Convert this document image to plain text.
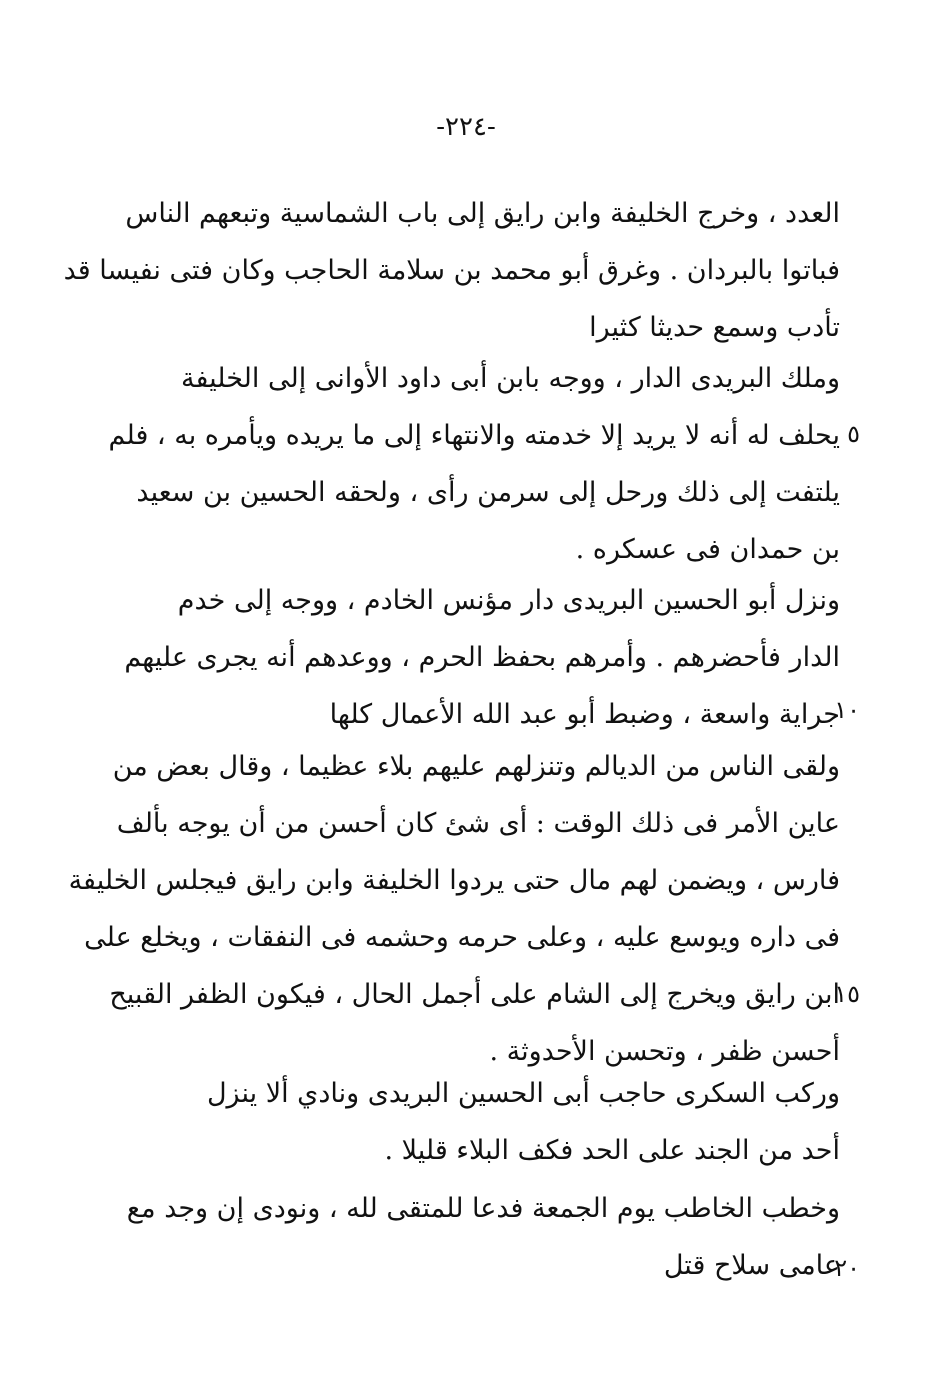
-٢٢٤-
العدد ، وخرج الخليفة وابن رايق إلى باب الشماسية وتبعهم الناس
فباتوا بالبردان . وغرق أبو محمد بن سلامة الحاجب وكان فتى نفيسا قد
تأدب وسمع حديثا كثيرا
وملك البريدى الدار ، ووجه بابن أبى داود الأوانى إلى الخليفة
يحلف له أنه لا يريد إلا خدمته والانتهاء إلى ما يريده ويأمره به ، فلم
يلتفت إلى ذلك ورحل إلى سرمن رأى ، ولحقه الحسين بن سعيد
بن حمدان فى عسكره .
ونزل أبو الحسين البريدى دار مؤنس الخادم ، ووجه إلى خدم
الدار فأحضرهم . وأمرهم بحفظ الحرم ، ووعدهم أنه يجرى عليهم
جراية واسعة ، وضبط أبو عبد الله الأعمال كلها
ولقى الناس من الديالم وتنزلهم عليهم بلاء عظيما ، وقال بعض من
عاين الأمر فى ذلك الوقت : أى شئ كان أحسن من أن يوجه بألف
فارس ، ويضمن لهم مال حتى يردوا الخليفة وابن رايق فيجلس الخليفة
فى داره ويوسع عليه ، وعلى حرمه وحشمه فى النفقات ، ويخلع على
ابن رايق ويخرج إلى الشام على أجمل الحال ، فيكون الظفر القبيح
أحسن ظفر ، وتحسن الأحدوثة .
وركب السكرى حاجب أبى الحسين البريدى ونادي ألا ينزل
أحد من الجند على الحد فكف البلاء قليلا .
وخطب الخاطب يوم الجمعة فدعا للمتقى لله ، ونودى إن وجد مع
عامى سلاح قتل
٥
١٠
١٥
٢٠
